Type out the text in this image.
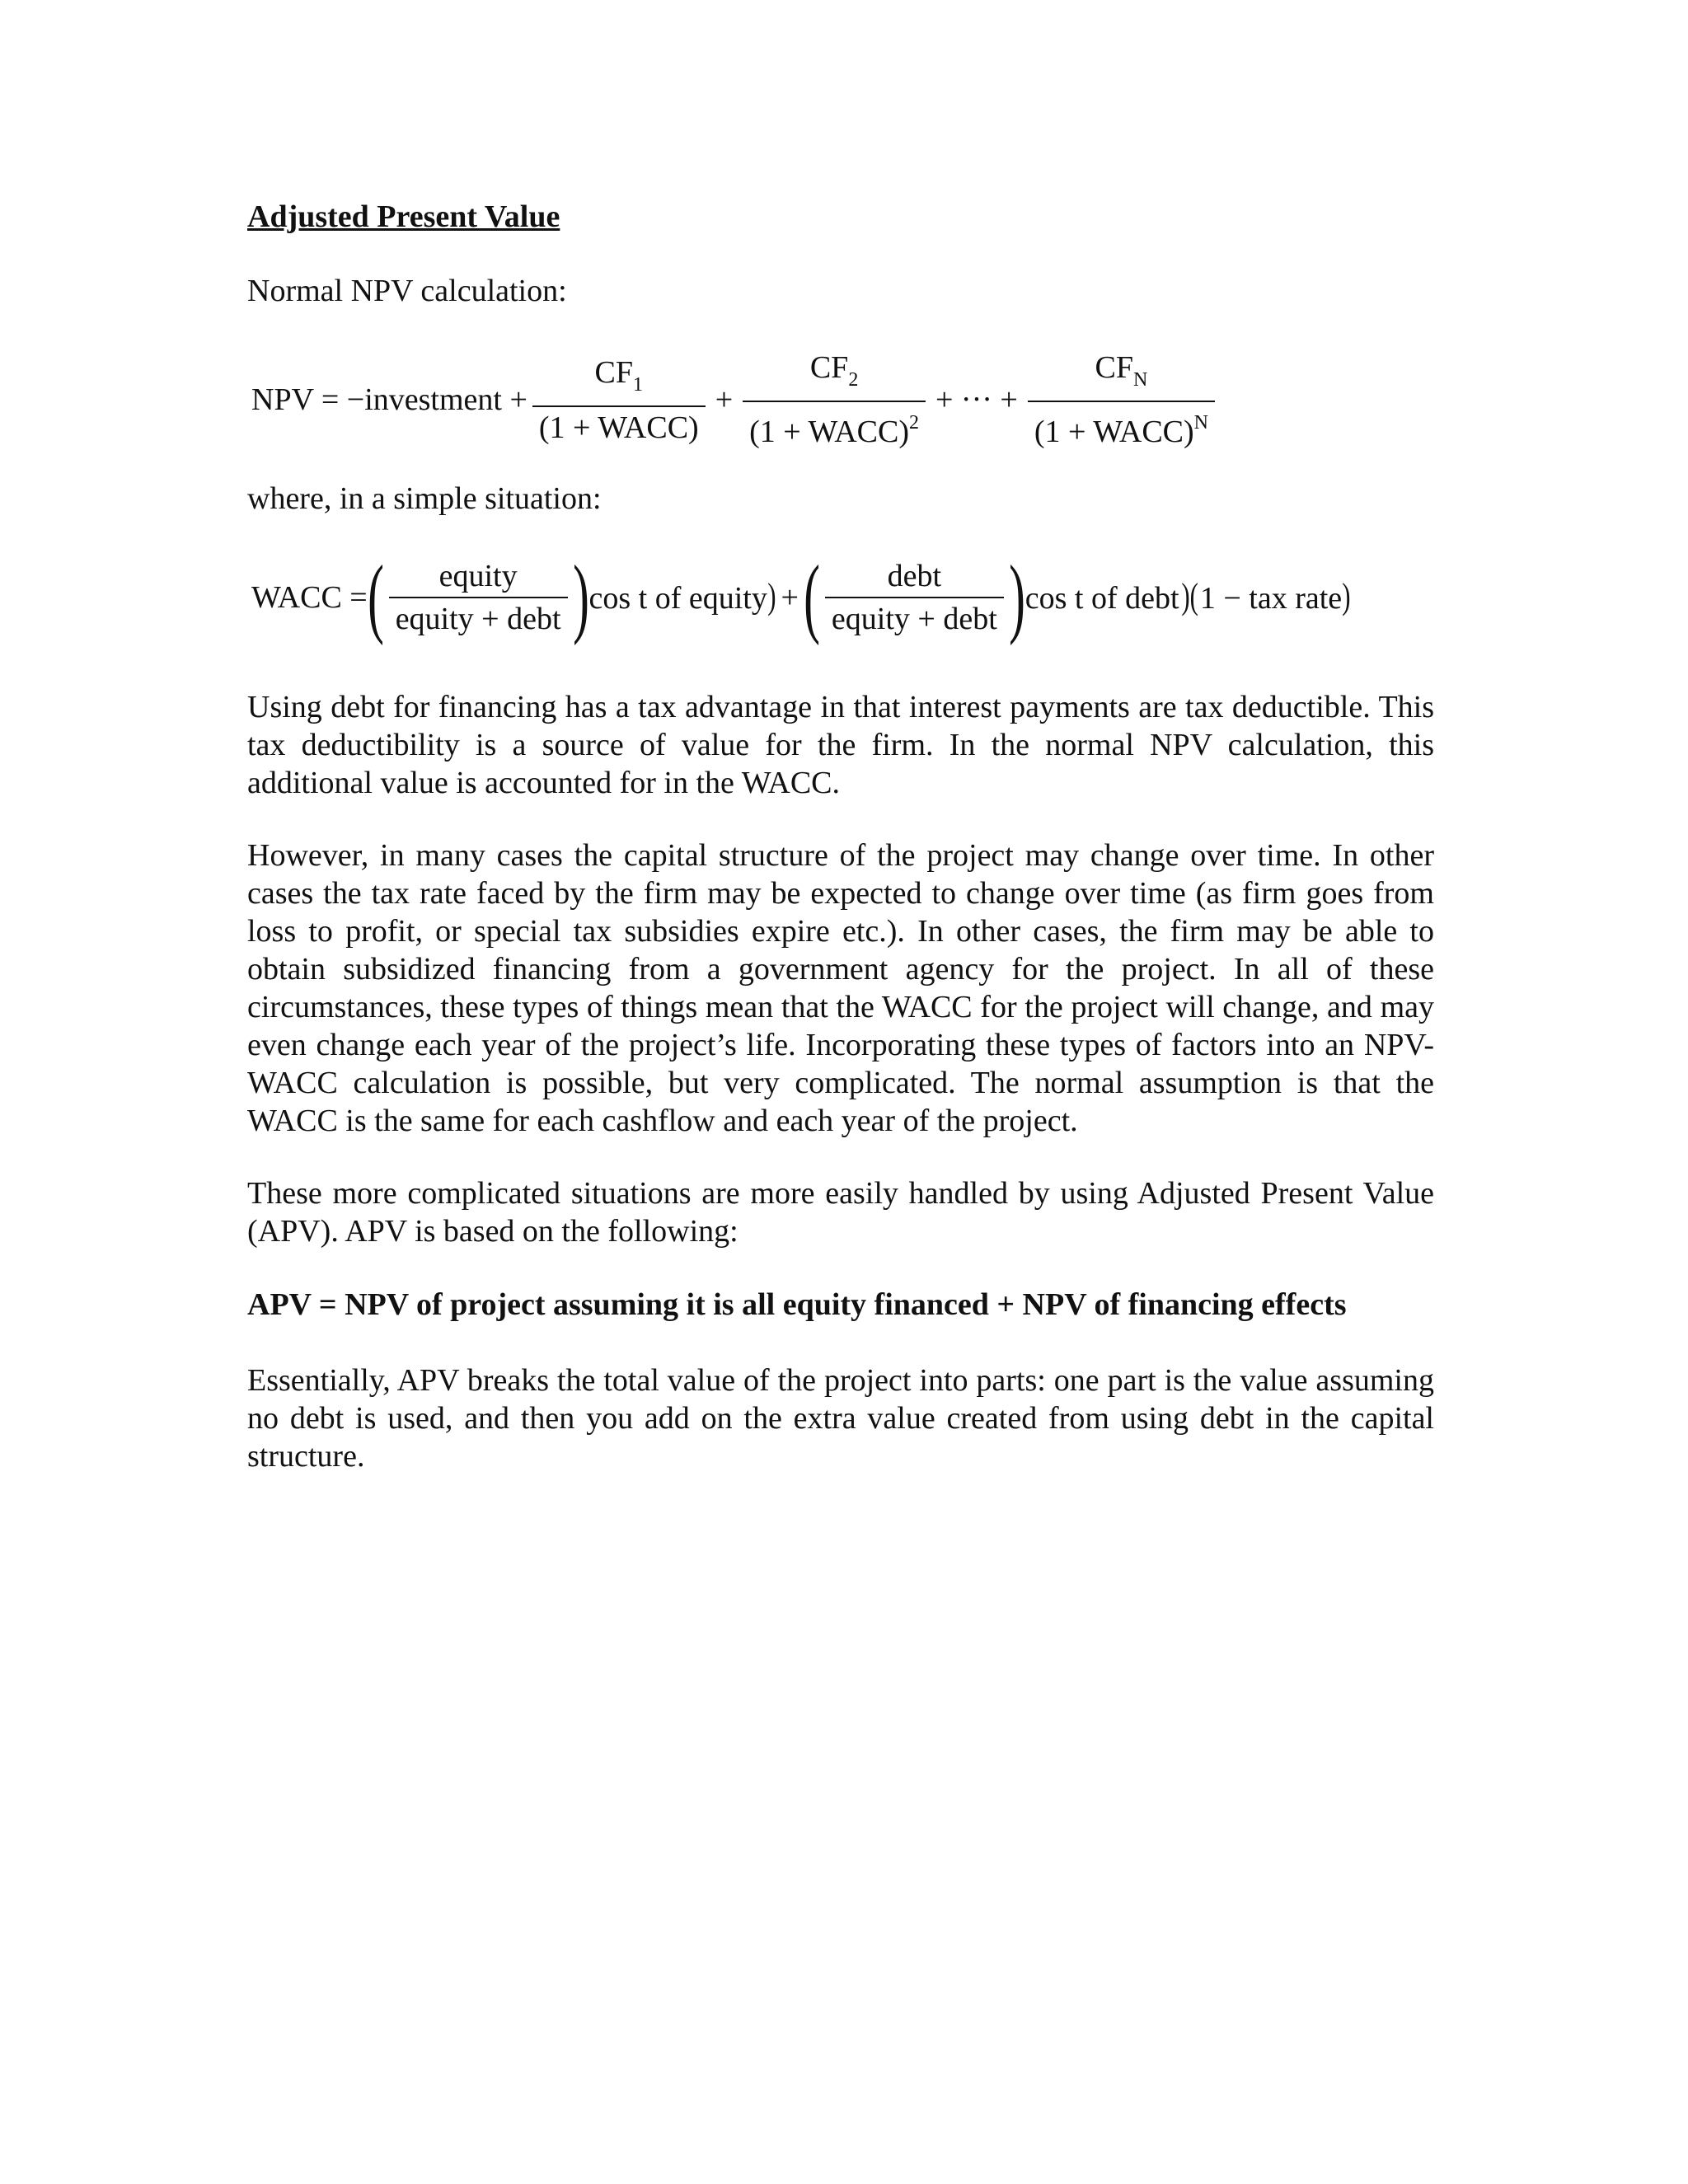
Adjusted Present Value
Normal NPV calculation:
NPV = −investment + $\frac{CF_1}{\text{(1 + WACC)}} + \frac{CF_2}{(1 + WACC)^2}$ + ··· + $\frac{CF_N}{(1 + WACC)^N}$
where, in a simple situation:
WACC = ( $\frac{\text{equity}}{\text{equity + debt}}$ ) cos t of equity) + ( $\frac{\text{debt}}{\text{equity + debt}}$ ) cos t of debt)(1 − tax rate)
Using debt for financing has a tax advantage in that interest payments are tax deductible. This tax deductibility is a source of value for the firm. In the normal NPV calculation, this additional value is accounted for in the WACC.
However, in many cases the capital structure of the project may change over time. In other cases the tax rate faced by the firm may be expected to change over time (as firm goes from loss to profit, or special tax subsidies expire etc.). In other cases, the firm may be able to obtain subsidized financing from a government agency for the project. In all of these circumstances, these types of things mean that the WACC for the project will change, and may even change each year of the project’s life. Incorporating these types of factors into an NPV-WACC calculation is possible, but very complicated. The normal assumption is that the WACC is the same for each cashflow and each year of the project.
These more complicated situations are more easily handled by using Adjusted Present Value (APV). APV is based on the following:
APV = NPV of project assuming it is all equity financed + NPV of financing effects
Essentially, APV breaks the total value of the project into parts: one part is the value assuming no debt is used, and then you add on the extra value created from using debt in the capital structure.
